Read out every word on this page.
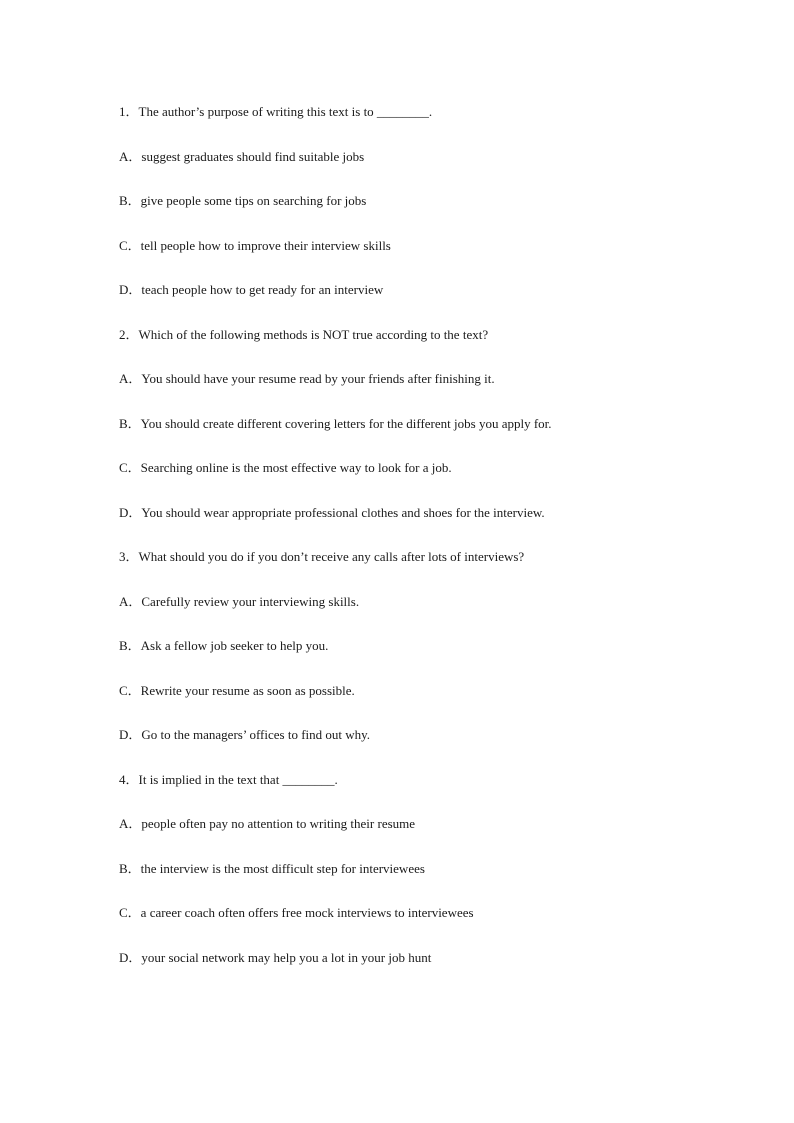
1．The author’s purpose of writing this text is to ________.
A．suggest graduates should find suitable jobs
B．give people some tips on searching for jobs
C．tell people how to improve their interview skills
D．teach people how to get ready for an interview
2．Which of the following methods is NOT true according to the text?
A．You should have your resume read by your friends after finishing it.
B．You should create different covering letters for the different jobs you apply for.
C．Searching online is the most effective way to look for a job.
D．You should wear appropriate professional clothes and shoes for the interview.
3．What should you do if you don’t receive any calls after lots of interviews?
A．Carefully review your interviewing skills.
B．Ask a fellow job seeker to help you.
C．Rewrite your resume as soon as possible.
D．Go to the managers’ offices to find out why.
4．It is implied in the text that ________.
A．people often pay no attention to writing their resume
B．the interview is the most difficult step for interviewees
C．a career coach often offers free mock interviews to interviewees
D．your social network may help you a lot in your job hunt
